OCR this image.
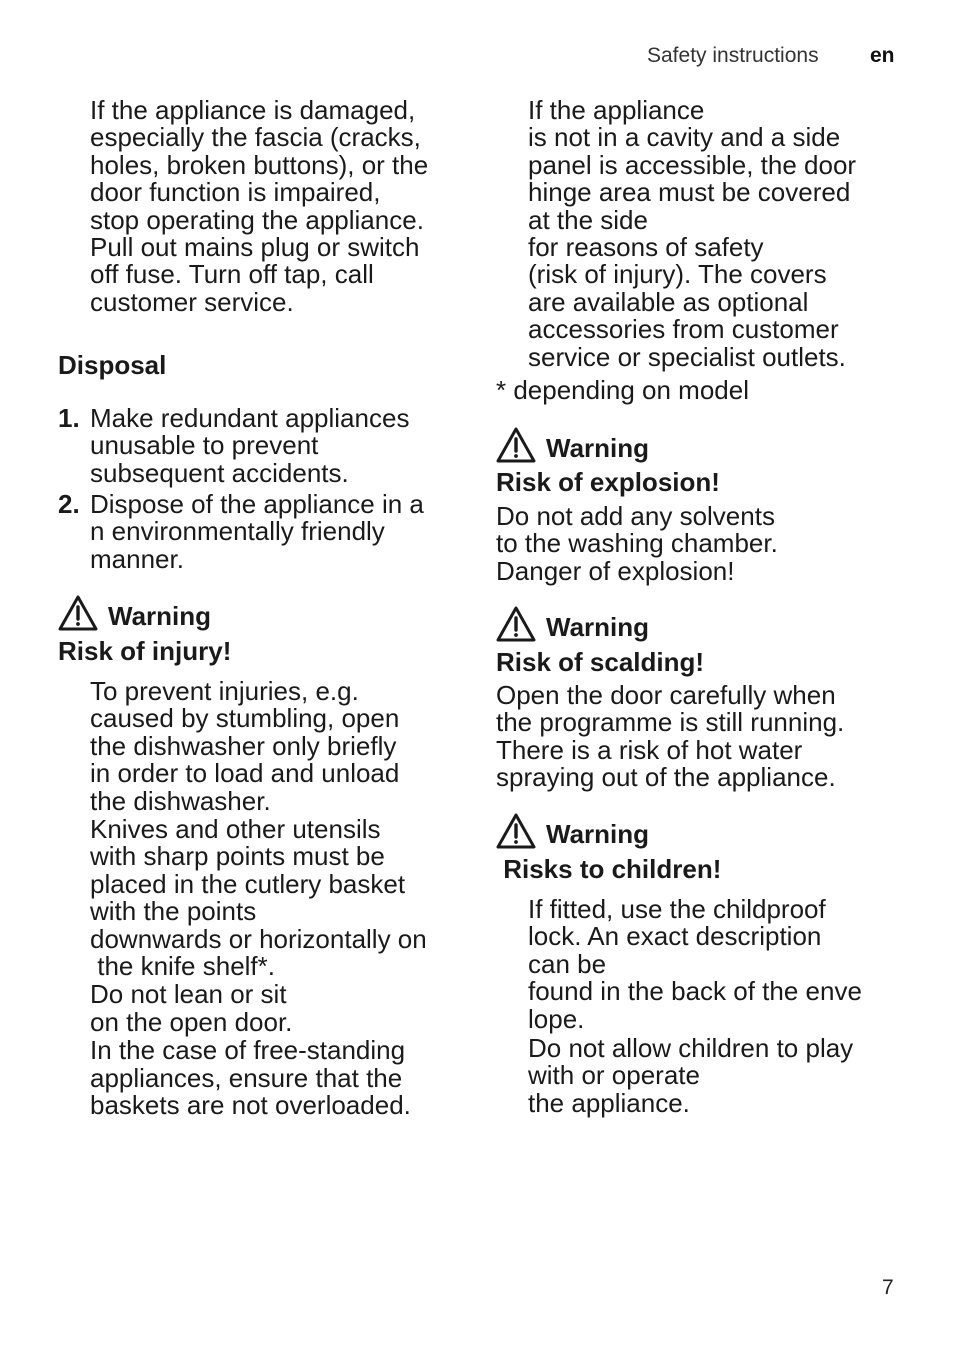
Safety instructions en
If the appliance is damaged,
especially the fascia (cracks,
holes, broken buttons), or the
door function is impaired,
stop operating the appliance.
Pull out mains plug or switch
off fuse. Turn off tap, call
customer service.
Disposal
1. Make redundant appliances
unusable to prevent
subsequent accidents.
2. Dispose of the appliance in a
n environmentally friendly
manner.
Warning
Risk of injury!

To prevent injuries, e.g.
caused by stumbling, open
the dishwasher only briefly
in order to load and unload
the dishwasher.

Knives and other utensils
with sharp points must be
placed in the cutlery basket
with the points
downwards or horizontally on
the knife shelf*.

Do not lean or sit
on the open door.

In the case of free-standing
appliances, ensure that the
baskets are not overloaded.

If the appliance
is not in a cavity and a side
panel is accessible, the door
hinge area must be covered
at the side
for reasons of safety
(risk of injury). The covers
are available as optional
accessories from customer
service or specialist outlets.
* depending on model
Warning
Risk of explosion!
Do not add any solvents
to the washing chamber.
Danger of explosion!
Warning
Risk of scalding!
Open the door carefully when
the programme is still running.
There is a risk of hot water
spraying out of the appliance.
Warning
Risks to children!

If fitted, use the childproof
lock. An exact description
can be
found in the back of the enve
lope.

Do not allow children to play
with or operate
the appliance.

7
